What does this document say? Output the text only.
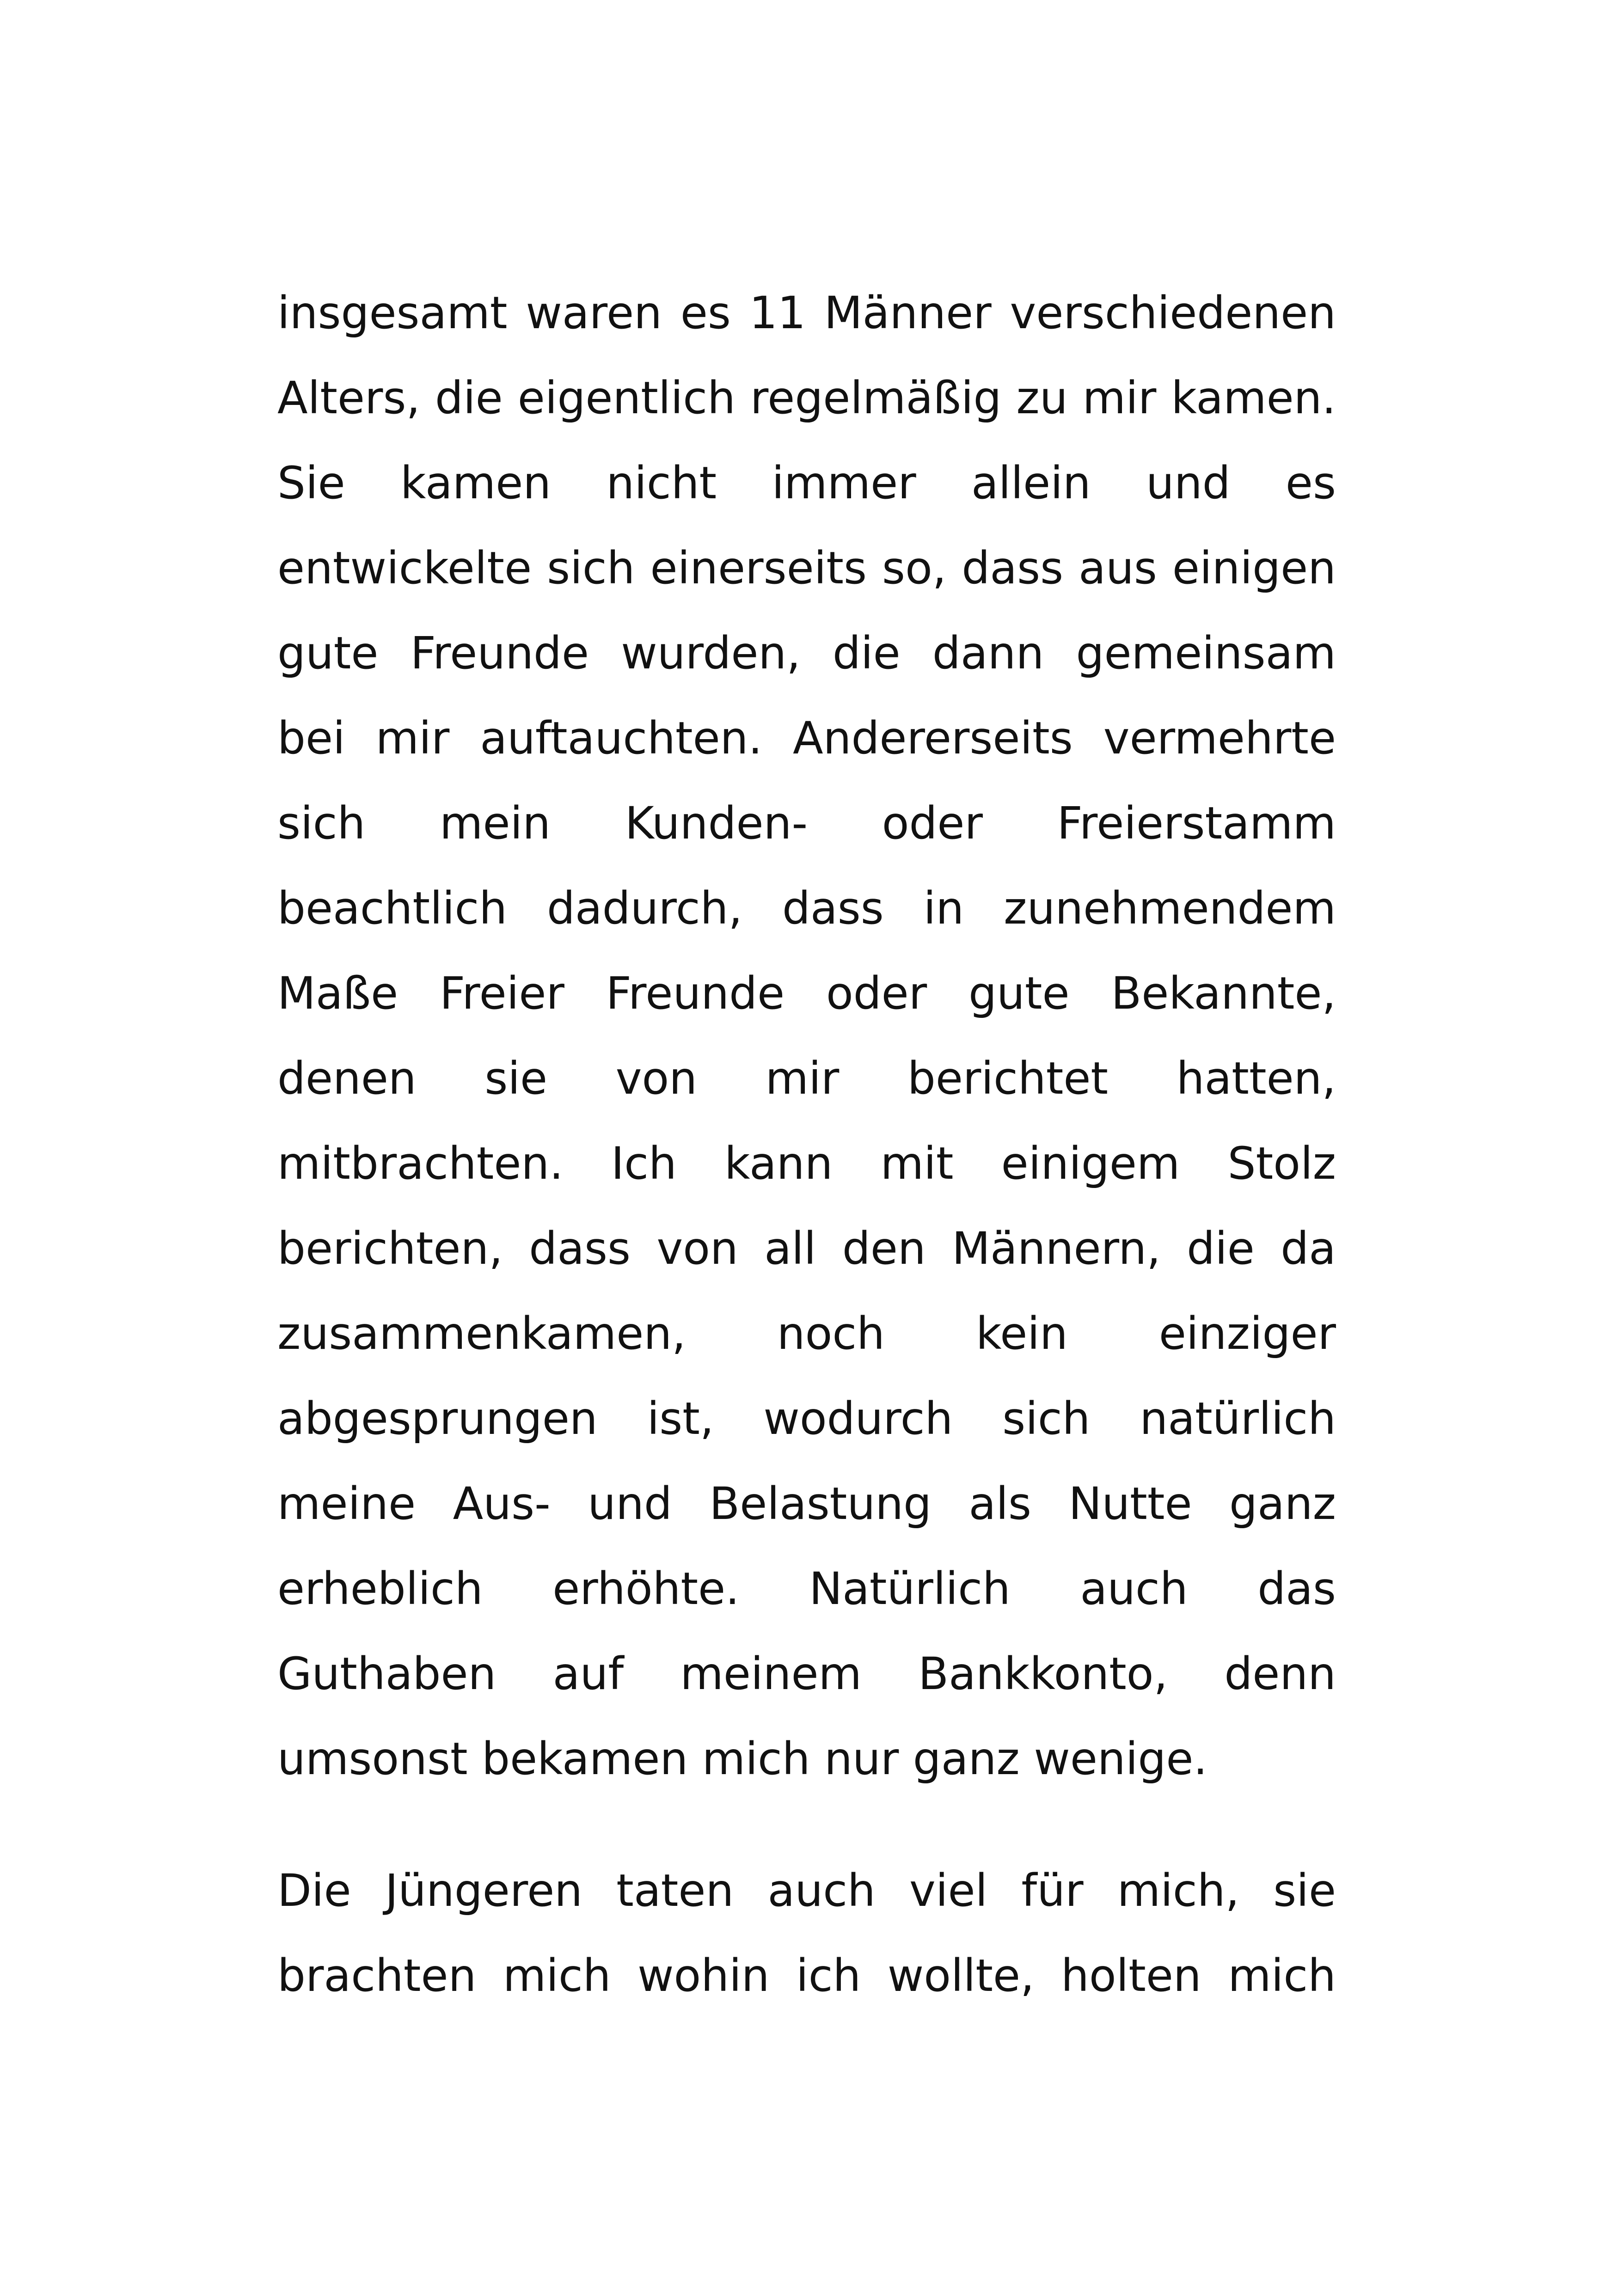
insgesamt waren es 11 Männer verschiedenen
Alters, die eigentlich regelmäßig zu mir kamen.
Sie kamen nicht immer allein und es
entwickelte sich einerseits so, dass aus einigen
gute Freunde wurden, die dann gemeinsam
bei mir auftauchten. Andererseits vermehrte
sich mein Kunden- oder Freierstamm
beachtlich dadurch, dass in zunehmendem
Maße Freier Freunde oder gute Bekannte,
denen sie von mir berichtet hatten,
mitbrachten. Ich kann mit einigem Stolz
berichten, dass von all den Männern, die da
zusammenkamen, noch kein einziger
abgesprungen ist, wodurch sich natürlich
meine Aus- und Belastung als Nutte ganz
erheblich erhöhte. Natürlich auch das
Guthaben auf meinem Bankkonto, denn
umsonst bekamen mich nur ganz wenige.
Die Jüngeren taten auch viel für mich, sie
brachten mich wohin ich wollte, holten mich
